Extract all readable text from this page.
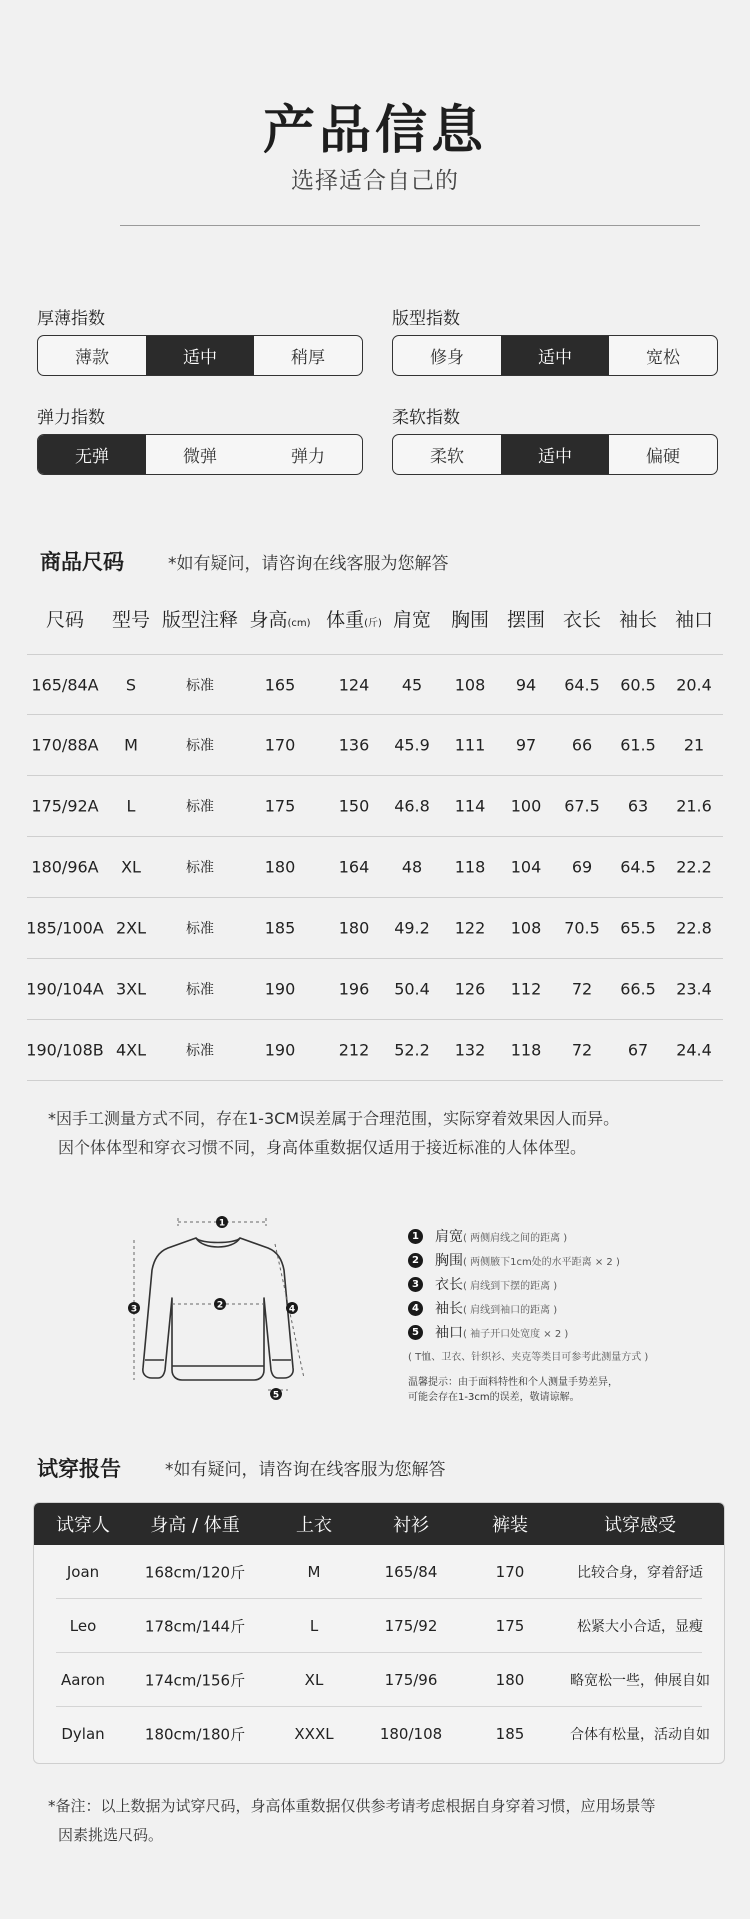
产品信息
选择适合自己的
厚薄指数
薄款	适中	稍厚
版型指数
修身	适中	宽松
弹力指数
无弹	微弹	弹力
柔软指数
柔软	适中	偏硬
商品尺码	*如有疑问，请咨询在线客服为您解答
尺码 型号 版型注释 身高(cm) 体重(斤) 肩宽 胸围 摆围 衣长 袖长 袖口
165/84A S	标准	165	124 45 108 94 64.5 60.5 20.4
170/88A M	标准	170	136 45.9 111 97 66 61.5 21
175/92A L	标准	175	150 46.8 114 100 67.5 63 21.6
180/96A XL	标准	180	164 48 118 104 69 64.5 22.2
185/100A 2XL	标准	185	180 49.2 122 108 70.5 65.5 22.8
190/104A 3XL	标准	190	196 50.4 126 112 72 66.5 23.4
190/108B 4XL	标准	190	212 52.2 132 118 72 67 24.4
*因手工测量方式不同，存在1-3CM误差属于合理范围，实际穿着效果因人而异。
因个体体型和穿衣习惯不同，身高体重数据仅适用于接近标准的人体体型。
1
2
3	4
5
1 肩宽 ( 两侧肩线之间的距离 )
2 胸围 ( 两侧腋下1cm处的水平距离 × 2 )
3 衣长 ( 肩线到下摆的距离 )
4 袖长 ( 肩线到袖口的距离 )
5 袖口 ( 袖子开口处宽度 × 2 )
( T恤、卫衣、针织衫、夹克等类目可参考此测量方式 )
温馨提示：由于面料特性和个人测量手势差异，
可能会存在1-3cm的误差，敬请谅解。
试穿报告	*如有疑问，请咨询在线客服为您解答
试穿人 身高 / 体重	上衣	衬衫	裤装	试穿感受
Joan	168cm/120斤	M	165/84	170	比较合身，穿着舒适
Leo	178cm/144斤	L	175/92	175	松紧大小合适，显瘦
Aaron	174cm/156斤	XL	175/96	180	略宽松一些，伸展自如
Dylan	180cm/180斤	XXXL	180/108	185	合体有松量，活动自如
*备注：以上数据为试穿尺码，身高体重数据仅供参考请考虑根据自身穿着习惯，应用场景等
因素挑选尺码。
